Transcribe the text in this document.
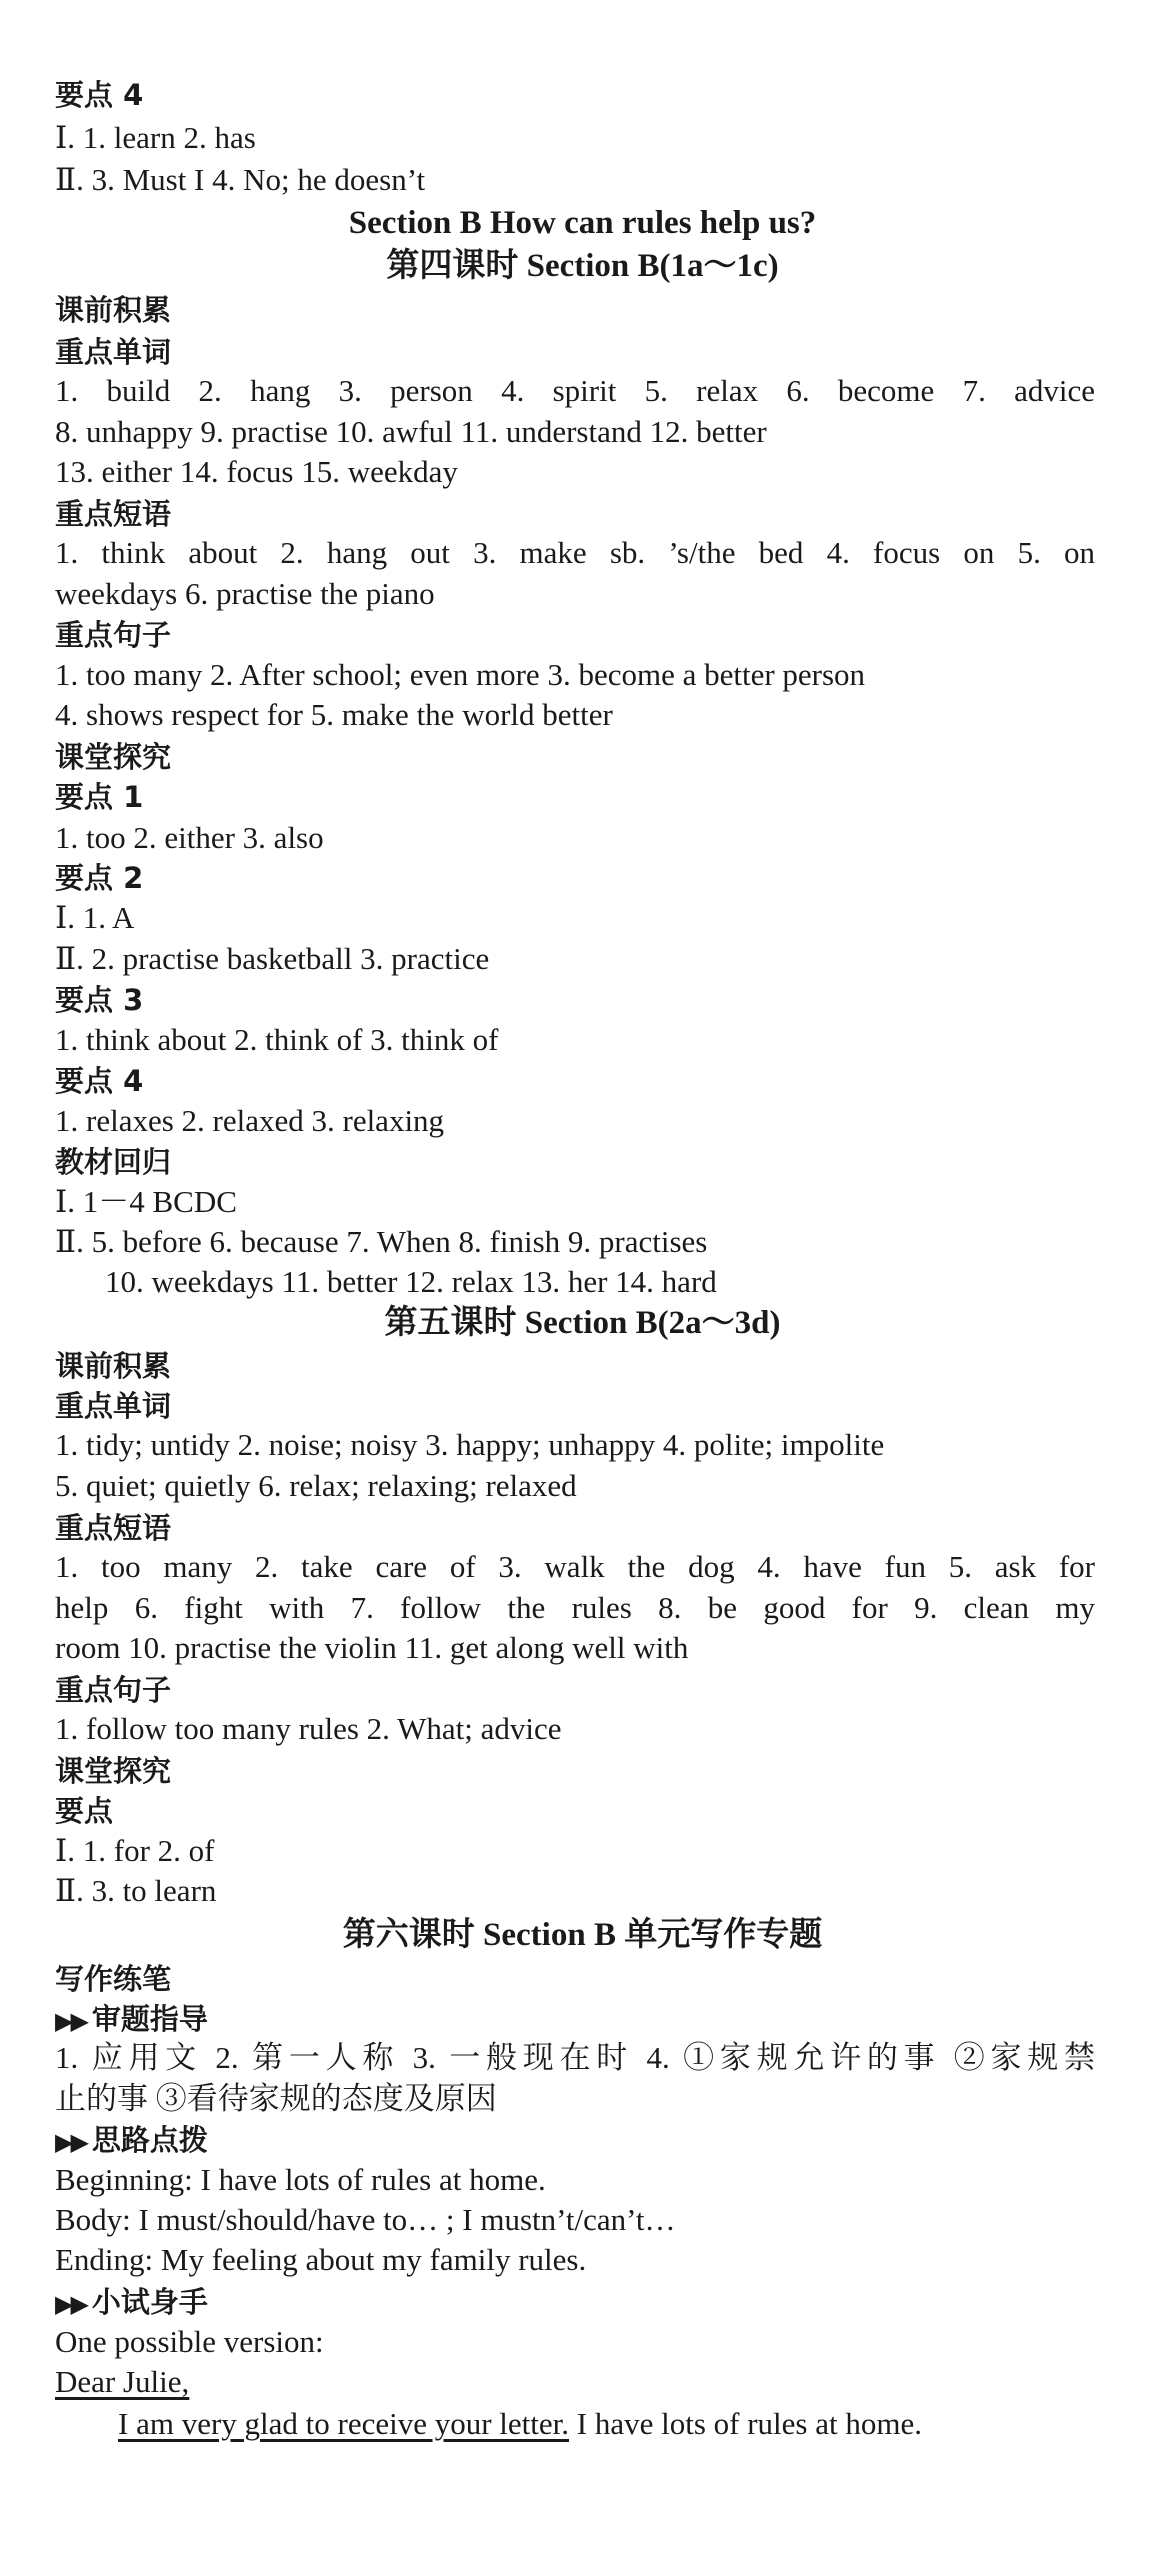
要点 4
Ⅰ. 1. learn 2. has
Ⅱ. 3. Must I 4. No; he doesn’t
Section B How can rules help us?
第四课时 Section B(1a～1c)
课前积累
重点单词
1. build 2. hang 3. person 4. spirit 5. relax 6. become 7. advice
8. unhappy 9. practise 10. awful 11. understand 12. better
13. either 14. focus 15. weekday
重点短语
1. think about 2. hang out 3. make sb. ’s/the bed 4. focus on 5. on
weekdays 6. practise the piano
重点句子
1. too many 2. After school; even more 3. become a better person
4. shows respect for 5. make the world better
课堂探究
要点 1
1. too 2. either 3. also
要点 2
Ⅰ. 1. A
Ⅱ. 2. practise basketball 3. practice
要点 3
1. think about 2. think of 3. think of
要点 4
1. relaxes 2. relaxed 3. relaxing
教材回归
Ⅰ. 1－4 BCDC
Ⅱ. 5. before 6. because 7. When 8. finish 9. practises
10. weekdays 11. better 12. relax 13. her 14. hard
第五课时 Section B(2a～3d)
课前积累
重点单词
1. tidy; untidy 2. noise; noisy 3. happy; unhappy 4. polite; impolite
5. quiet; quietly 6. relax; relaxing; relaxed
重点短语
1. too many 2. take care of 3. walk the dog 4. have fun 5. ask for
help 6. fight with 7. follow the rules 8. be good for 9. clean my
room 10. practise the violin 11. get along well with
重点句子
1. follow too many rules 2. What; advice
课堂探究
要点
Ⅰ. 1. for 2. of
Ⅱ. 3. to learn
第六课时 Section B 单元写作专题
写作练笔
▶▶ 审题指导
1. 应用文 2. 第一人称 3. 一般现在时 4. ①家规允许的事 ②家规禁
止的事 ③看待家规的态度及原因
▶▶ 思路点拨
Beginning: I have lots of rules at home.
Body: I must/should/have to… ; I mustn’t/can’t…
Ending: My feeling about my family rules.
▶▶ 小试身手
One possible version:
Dear Julie,
I am very glad to receive your letter. I have lots of rules at home.
